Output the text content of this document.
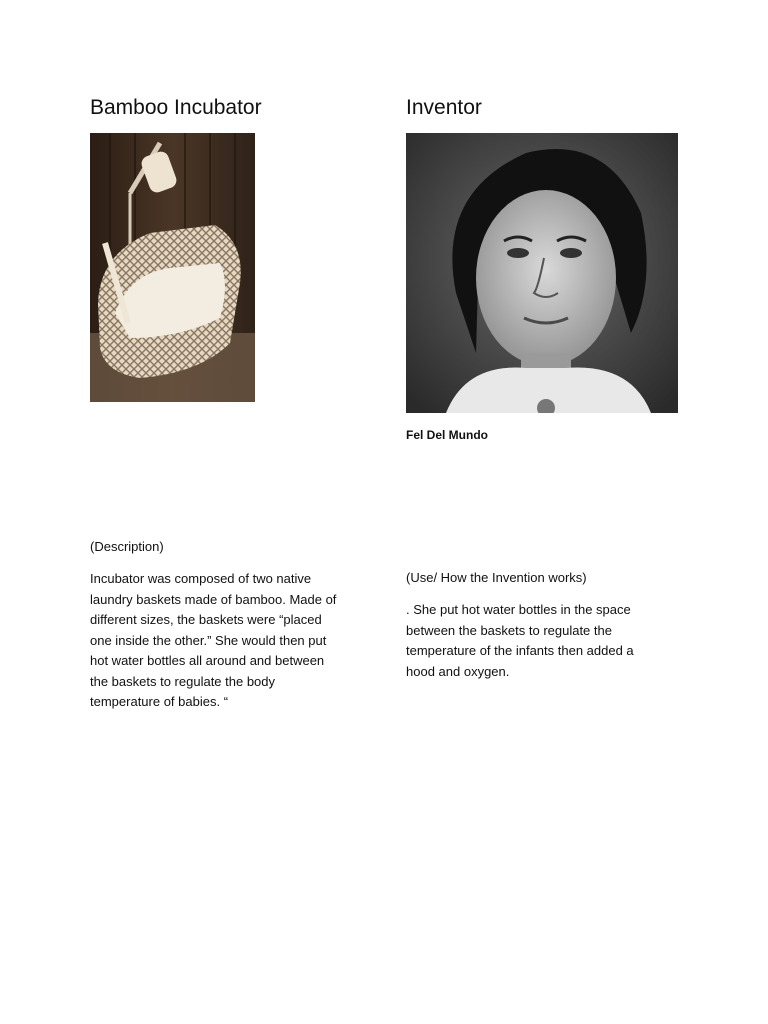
Bamboo Incubator	Inventor
Fel Del Mundo
(Description)

Incubator was composed of two native
laundry baskets made of bamboo. Made of
different sizes, the baskets were “placed
one inside the other.” She would then put
hot water bottles all around and between
the baskets to regulate the body
temperature of babies. “

(Use/ How the Invention works)

. She put hot water bottles in the space
between the baskets to regulate the
temperature of the infants then added a
hood and oxygen.
